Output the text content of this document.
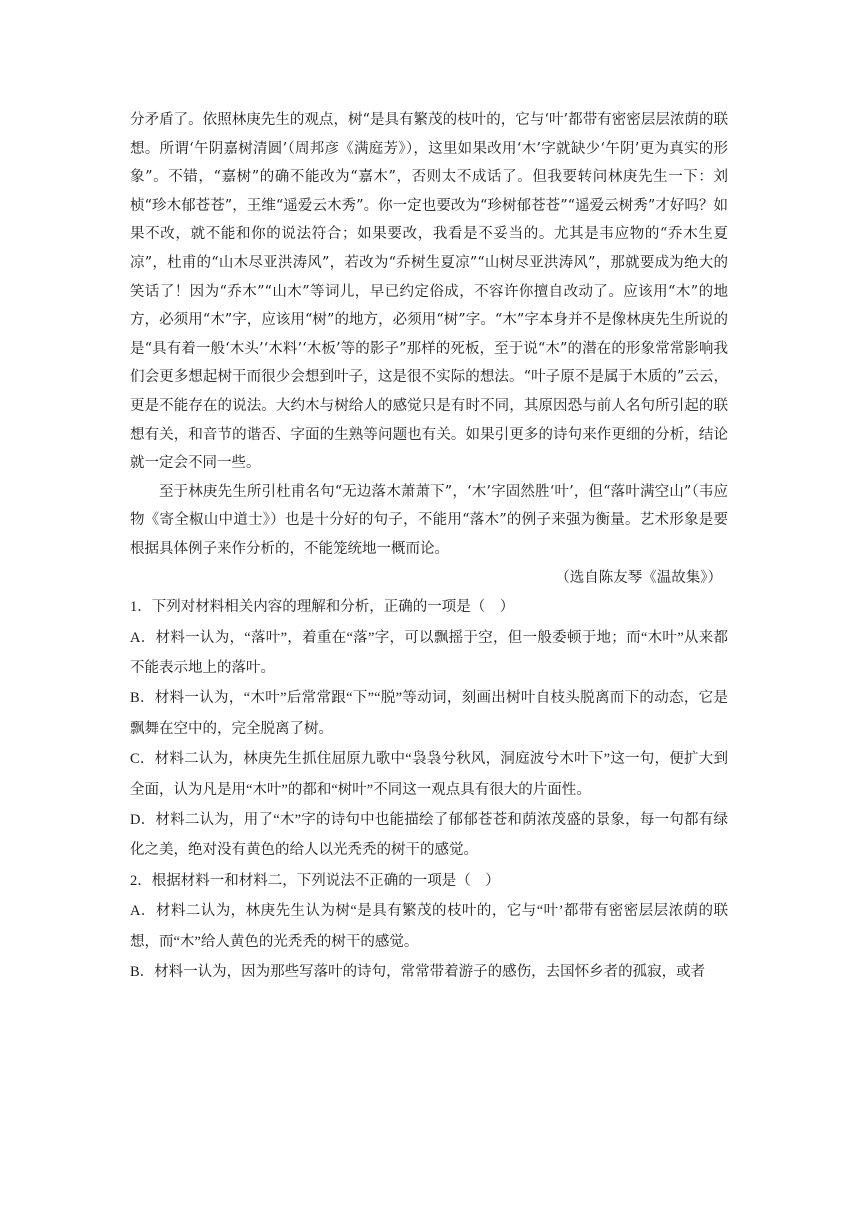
分矛盾了。依照林庚先生的观点，树“是具有繁茂的枝叶的，它与‘叶’都带有密密层层浓荫的联想。所谓‘午阴嘉树清圆’（周邦彦《满庭芳》），这里如果改用‘木’字就缺少‘午阴’更为真实的形象”。不错，“嘉树”的确不能改为“嘉木”，否则太不成话了。但我要转问林庚先生一下：刘桢“珍木郁苍苍”，王维“遥爱云木秀”。你一定也要改为“珍树郁苍苍”“遥爱云树秀”才好吗？如果不改，就不能和你的说法符合；如果要改，我看是不妥当的。尤其是韦应物的“乔木生夏凉”，杜甫的“山木尽亚洪涛风”，若改为“乔树生夏凉”“山树尽亚洪涛风”，那就要成为绝大的笑话了！因为“乔木”“山木”等词儿，早已约定俗成，不容许你擅自改动了。应该用“木”的地方，必须用“木”字，应该用“树”的地方，必须用“树”字。“木”字本身并不是像林庚先生所说的是“具有着一般‘木头’‘木料’‘木板’等的影子”那样的死板，至于说“木”的潜在的形象常常影响我们会更多想起树干而很少会想到叶子，这是很不实际的想法。“叶子原不是属于木质的”云云，更是不能存在的说法。大约木与树给人的感觉只是有时不同，其原因恐与前人名句所引起的联想有关，和音节的谐否、字面的生熟等问题也有关。如果引更多的诗句来作更细的分析，结论就一定会不同一些。

至于林庚先生所引杜甫名句“无边落木萧萧下”，‘木’字固然胜‘叶’，但“落叶满空山”（韦应物《寄全椒山中道士》）也是十分好的句子，不能用“落木”的例子来强为衡量。艺术形象是要根据具体例子来作分析的，不能笼统地一概而论。

（选自陈友琴《温故集》）

1．下列对材料相关内容的理解和分析，正确的一项是（　）

A．材料一认为，“落叶”，着重在“落”字，可以飘摇于空，但一般委顿于地；而“木叶”从来都不能表示地上的落叶。

B．材料一认为，“木叶”后常常跟“下”“脱”等动词，刻画出树叶自枝头脱离而下的动态，它是飘舞在空中的，完全脱离了树。

C．材料二认为，林庚先生抓住屈原九歌中“袅袅兮秋风，洞庭波兮木叶下”这一句，便扩大到全面，认为凡是用“木叶”的都和“树叶”不同这一观点具有很大的片面性。

D．材料二认为，用了“木”字的诗句中也能描绘了郁郁苍苍和荫浓茂盛的景象，每一句都有绿化之美，绝对没有黄色的给人以光秃秃的树干的感觉。

2．根据材料一和材料二，下列说法不正确的一项是（　）

A．材料二认为，林庚先生认为树“是具有繁茂的枝叶的，它与“叶’都带有密密层层浓荫的联想，而“木”给人黄色的光秃秃的树干的感觉。

B．材料一认为，因为那些写落叶的诗句，常常带着游子的感伤，去国怀乡者的孤寂，或者
